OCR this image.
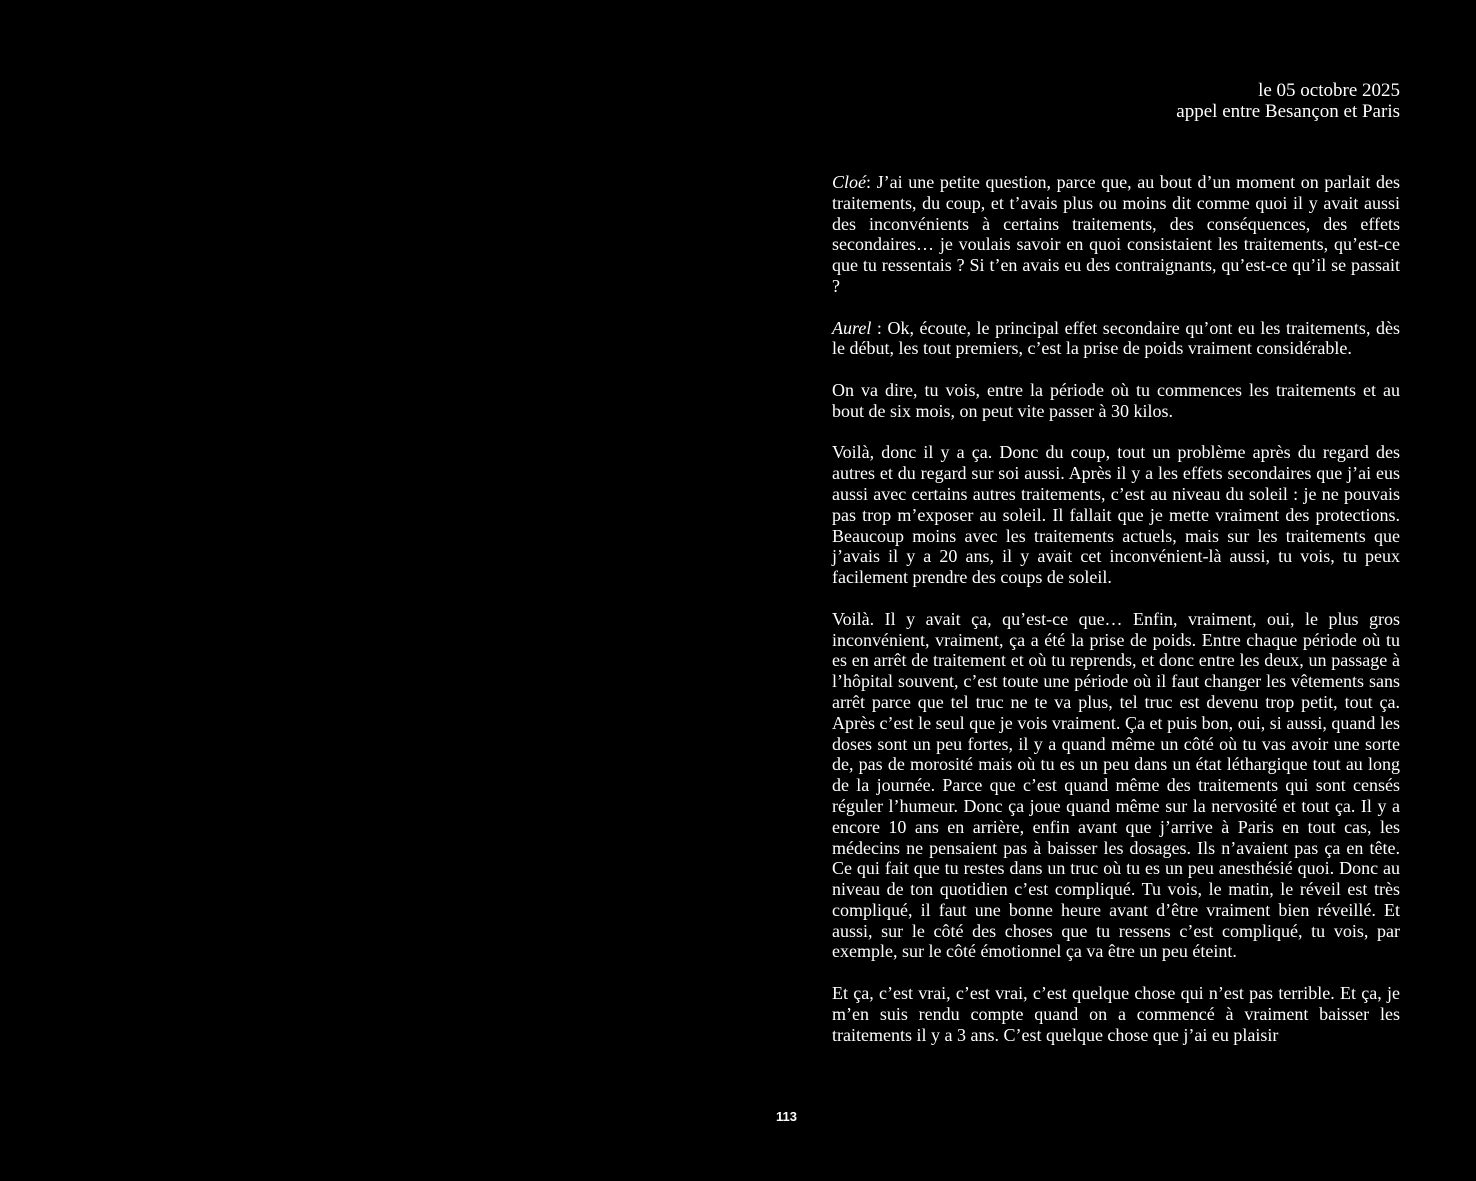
le 05 octobre 2025
appel entre Besançon et Paris

Cloé: J’ai une petite question, parce que, au bout d’un moment on parlait des traitements, du coup, et t’avais plus ou moins dit comme quoi il y avait aussi des inconvénients à certains traitements, des conséquences, des effets secondaires… je voulais savoir en quoi consistaient les traitements, qu’est-ce que tu ressentais ? Si t’en avais eu des contraignants, qu’est-ce qu’il se passait ?

Aurel : Ok, écoute, le principal effet secondaire qu’ont eu les traitements, dès le début, les tout premiers, c’est la prise de poids vraiment considérable.

On va dire, tu vois, entre la période où tu commences les traitements et au bout de six mois, on peut vite passer à 30 kilos.

Voilà, donc il y a ça. Donc du coup, tout un problème après du regard des autres et du regard sur soi aussi. Après il y a les effets secondaires que j’ai eus aussi avec certains autres traitements, c’est au niveau du soleil : je ne pouvais pas trop m’exposer au soleil. Il fallait que je mette vraiment des protections. Beaucoup moins avec les traitements actuels, mais sur les traitements que j’avais il y a 20 ans, il y avait cet inconvénient-là aussi, tu vois, tu peux facilement prendre des coups de soleil.

Voilà. Il y avait ça, qu’est-ce que… Enfin, vraiment, oui, le plus gros inconvénient, vraiment, ça a été la prise de poids. Entre chaque période où tu es en arrêt de traitement et où tu reprends, et donc entre les deux, un passage à l’hôpital souvent, c’est toute une période où il faut changer les vêtements sans arrêt parce que tel truc ne te va plus, tel truc est devenu trop petit, tout ça. Après c’est le seul que je vois vraiment. Ça et puis bon, oui, si aussi, quand les doses sont un peu fortes, il y a quand même un côté où tu vas avoir une sorte de, pas de morosité mais où tu es un peu dans un état léthargique tout au long de la journée. Parce que c’est quand même des traitements qui sont censés réguler l’humeur. Donc ça joue quand même sur la nervosité et tout ça. Il y a encore 10 ans en arrière, enfin avant que j’arrive à Paris en tout cas, les médecins ne pensaient pas à baisser les dosages. Ils n’avaient pas ça en tête. Ce qui fait que tu restes dans un truc où tu es un peu anesthésié quoi. Donc au niveau de ton quotidien c’est compliqué. Tu vois, le matin, le réveil est très compliqué, il faut une bonne heure avant d’être vraiment bien réveillé. Et aussi, sur le côté des choses que tu ressens c’est compliqué, tu vois, par exemple, sur le côté émotionnel ça va être un peu éteint.

Et ça, c’est vrai, c’est vrai, c’est quelque chose qui n’est pas terrible. Et ça, je m’en suis rendu compte quand on a commencé à vraiment baisser les traitements il y a 3 ans. C’est quelque chose que j’ai eu plaisir

113
